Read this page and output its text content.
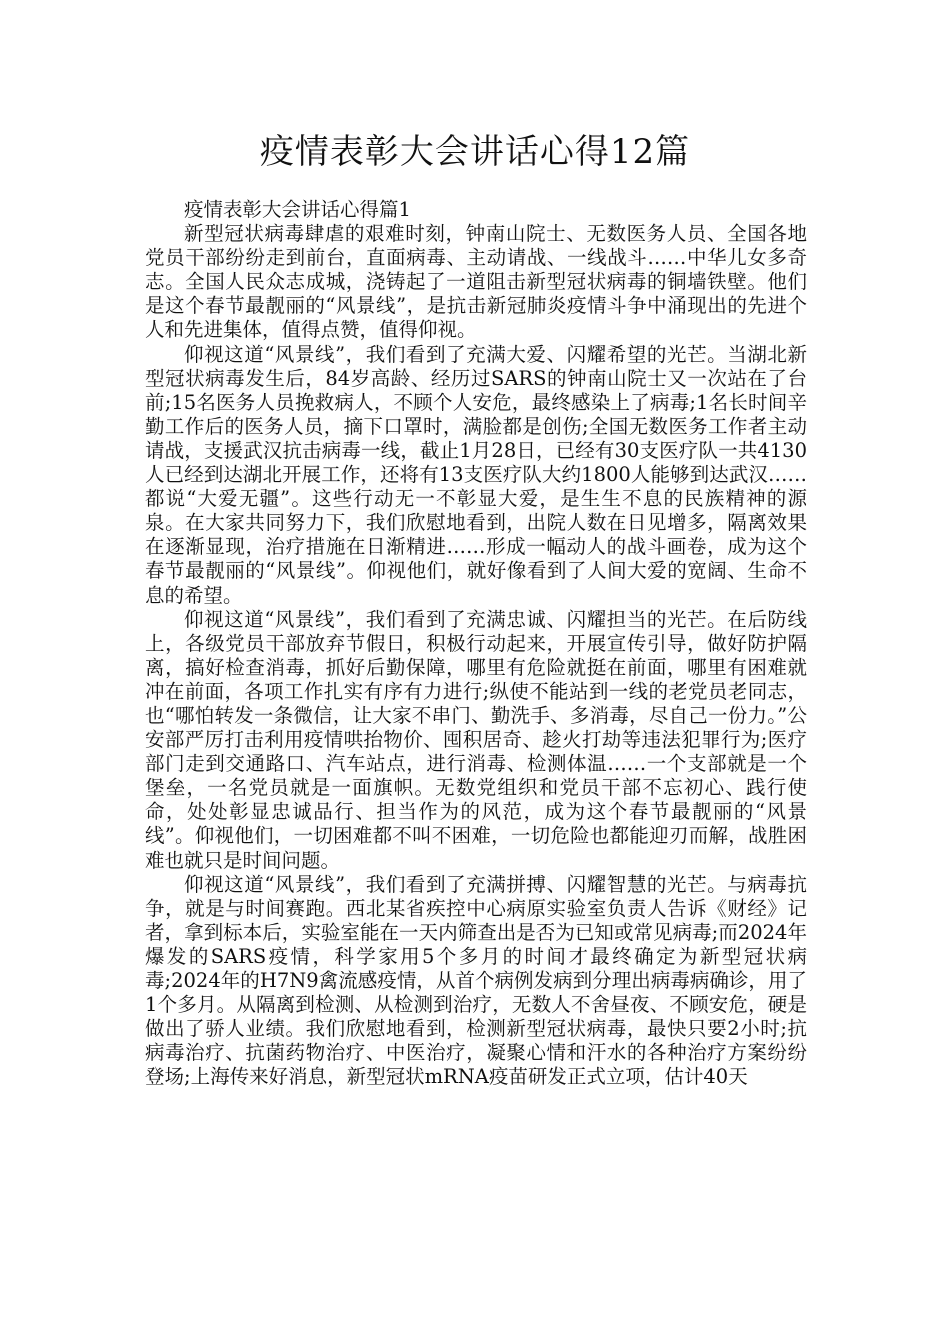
疫情表彰大会讲话心得12篇

疫情表彰大会讲话心得篇1

新型冠状病毒肆虐的艰难时刻，钟南山院士、无数医务人员、全国各地党员干部纷纷走到前台，直面病毒、主动请战、一线战斗……中华儿女多奇志。全国人民众志成城，浇铸起了一道阻击新型冠状病毒的铜墙铁壁。他们是这个春节最靓丽的“风景线”，是抗击新冠肺炎疫情斗争中涌现出的先进个人和先进集体，值得点赞，值得仰视。

仰视这道“风景线”，我们看到了充满大爱、闪耀希望的光芒。当湖北新型冠状病毒发生后，84岁高龄、经历过SARS的钟南山院士又一次站在了台前;15名医务人员挽救病人，不顾个人安危，最终感染上了病毒;1名长时间辛勤工作后的医务人员，摘下口罩时，满脸都是创伤;全国无数医务工作者主动请战，支援武汉抗击病毒一线，截止1月28日，已经有30支医疗队一共4130人已经到达湖北开展工作，还将有13支医疗队大约1800人能够到达武汉……都说“大爱无疆”。这些行动无一不彰显大爱，是生生不息的民族精神的源泉。在大家共同努力下，我们欣慰地看到，出院人数在日见增多，隔离效果在逐渐显现，治疗措施在日渐精进……形成一幅动人的战斗画卷，成为这个春节最靓丽的“风景线”。仰视他们，就好像看到了人间大爱的宽阔、生命不息的希望。

仰视这道“风景线”，我们看到了充满忠诚、闪耀担当的光芒。在后防线上，各级党员干部放弃节假日，积极行动起来，开展宣传引导，做好防护隔离，搞好检查消毒，抓好后勤保障，哪里有危险就挺在前面，哪里有困难就冲在前面，各项工作扎实有序有力进行;纵使不能站到一线的老党员老同志，也“哪怕转发一条微信，让大家不串门、勤洗手、多消毒，尽自己一份力。”公安部严厉打击利用疫情哄抬物价、囤积居奇、趁火打劫等违法犯罪行为;医疗部门走到交通路口、汽车站点，进行消毒、检测体温……一个支部就是一个堡垒，一名党员就是一面旗帜。无数党组织和党员干部不忘初心、践行使命，处处彰显忠诚品行、担当作为的风范，成为这个春节最靓丽的“风景线”。仰视他们，一切困难都不叫不困难，一切危险也都能迎刃而解，战胜困难也就只是时间问题。

仰视这道“风景线”，我们看到了充满拼搏、闪耀智慧的光芒。与病毒抗争，就是与时间赛跑。西北某省疾控中心病原实验室负责人告诉《财经》记者，拿到标本后，实验室能在一天内筛查出是否为已知或常见病毒;而2024年爆发的SARS疫情，科学家用5个多月的时间才最终确定为新型冠状病毒;2024年的H7N9禽流感疫情，从首个病例发病到分理出病毒病确诊，用了1个多月。从隔离到检测、从检测到治疗，无数人不舍昼夜、不顾安危，硬是做出了骄人业绩。我们欣慰地看到，检测新型冠状病毒，最快只要2小时;抗病毒治疗、抗菌药物治疗、中医治疗，凝聚心情和汗水的各种治疗方案纷纷登场;上海传来好消息，新型冠状mRNA疫苗研发正式立项，估计40天
